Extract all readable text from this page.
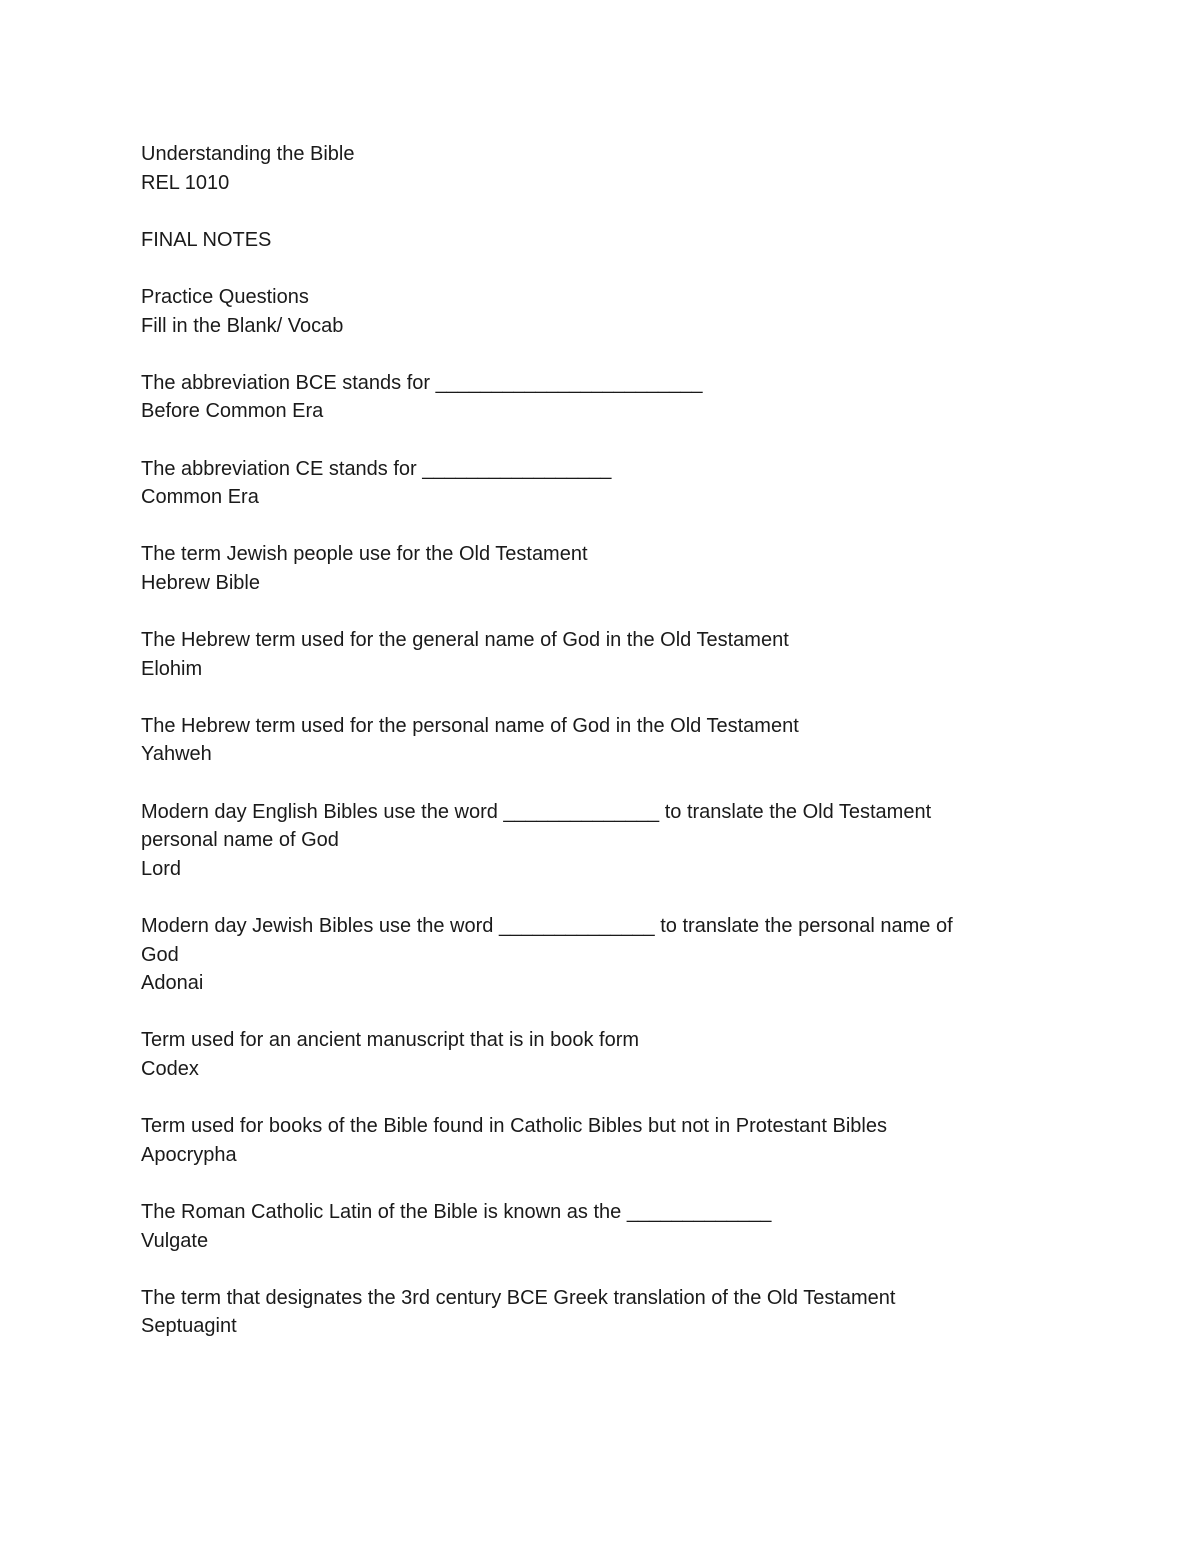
Understanding the Bible
REL 1010
FINAL NOTES
Practice Questions
Fill in the Blank/ Vocab
The abbreviation BCE stands for ________________________
Before Common Era
The abbreviation CE stands for _________________
Common Era
The term Jewish people use for the Old Testament
Hebrew Bible
The Hebrew term used for the general name of God in the Old Testament
Elohim
The Hebrew term used for the personal name of God in the Old Testament
Yahweh
Modern day English Bibles use the word ______________ to translate the Old Testament
personal name of God
Lord
Modern day Jewish Bibles use the word ______________ to translate the personal name of
God
Adonai
Term used for an ancient manuscript that is in book form
Codex
Term used for books of the Bible found in Catholic Bibles but not in Protestant Bibles
Apocrypha
The Roman Catholic Latin of the Bible is known as the _____________
Vulgate
The term that designates the 3rd century BCE Greek translation of the Old Testament
Septuagint
